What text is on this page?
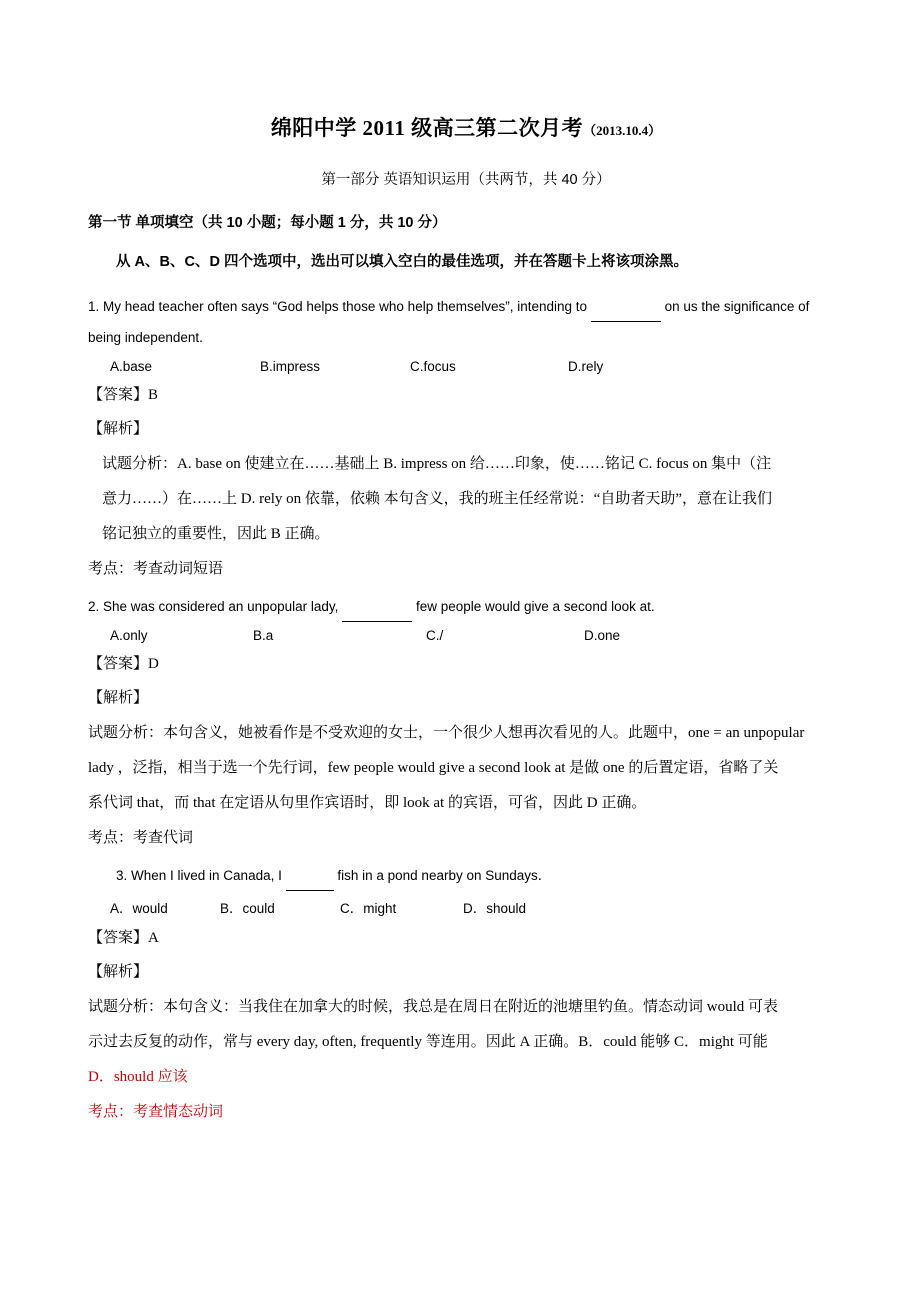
绵阳中学 2011 级高三第二次月考（2013.10.4）
第一部分 英语知识运用（共两节，共 40 分）
第一节 单项填空（共 10 小题；每小题 1 分，共 10 分）
从 A、B、C、D 四个选项中，选出可以填入空白的最佳选项，并在答题卡上将该项涂黑。
1. My head teacher often says “God helps those who help themselves”, intending to	on us the significance of being independent.
A.base	B.impress	C.focus	D.rely
【答案】B
【解析】
试题分析：A. base on 使建立在……基础上 B. impress on 给……印象，使……铭记 C. focus on 集中（注
意力……）在……上 D. rely on 依靠，依赖 本句含义，我的班主任经常说：“自助者天助”，意在让我们
铭记独立的重要性，因此 B 正确。
考点：考查动词短语
2. She was considered an unpopular lady,	few people would give a second look at.
A.only	B.a	C./	D.one
【答案】D
【解析】
试题分析：本句含义，她被看作是不受欢迎的女士，一个很少人想再次看见的人。此题中，one = an unpopular
lady ，泛指，相当于选一个先行词，few people would give a second look at 是做 one 的后置定语，省略了关
系代词 that，而 that 在定语从句里作宾语时，即 look at 的宾语，可省，因此 D 正确。
考点：考查代词
3. When I lived in Canada, I	fish in a pond nearby on Sundays．
A．would	B．could	C．might	D．should
【答案】A
【解析】
试题分析：本句含义：当我住在加拿大的时候，我总是在周日在附近的池塘里钓鱼。情态动词 would 可表
示过去反复的动作，常与 every day, often, frequently 等连用。因此 A 正确。B．could 能够 C．might 可能
D．should 应该
考点：考查情态动词
